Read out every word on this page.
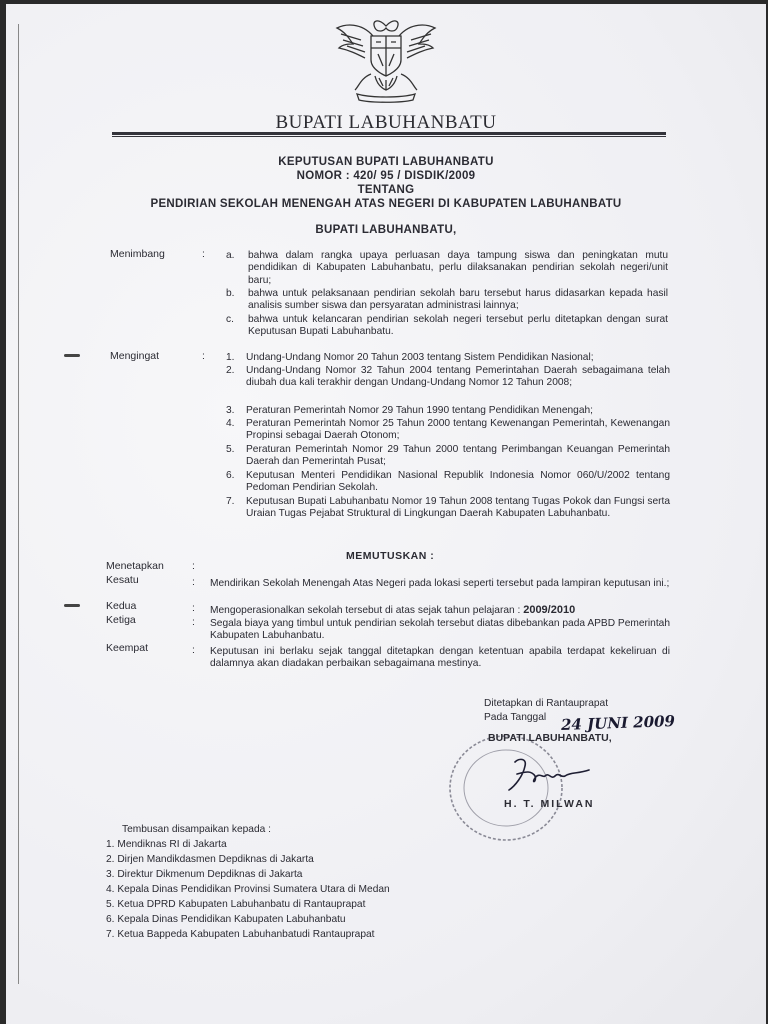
BUPATI LABUHANBATU
KEPUTUSAN BUPATI LABUHANBATU
NOMOR : 420/ 95 / DISDIK/2009
TENTANG
PENDIRIAN SEKOLAH MENENGAH ATAS NEGERI DI KABUPATEN LABUHANBATU
BUPATI LABUHANBATU,
Menimbang	: a. bahwa dalam rangka upaya perluasan daya tampung siswa dan peningkatan mutu pendidikan di Kabupaten Labuhanbatu, perlu dilaksanakan pendirian sekolah negeri/unit baru;
b. bahwa untuk pelaksanaan pendirian sekolah baru tersebut harus didasarkan kepada hasil analisis sumber siswa dan persyaratan administrasi lainnya;
c. bahwa untuk kelancaran pendirian sekolah negeri tersebut perlu ditetapkan dengan surat Keputusan Bupati Labuhanbatu.
Mengingat	: 1. Undang-Undang Nomor 20 Tahun 2003 tentang Sistem Pendidikan Nasional;
2. Undang-Undang Nomor 32 Tahun 2004 tentang Pemerintahan Daerah sebagaimana telah diubah dua kali terakhir dengan Undang-Undang Nomor 12 Tahun 2008;
3. Peraturan Pemerintah Nomor 29 Tahun 1990 tentang Pendidikan Menengah;
4. Peraturan Pemerintah Nomor 25 Tahun 2000 tentang Kewenangan Pemerintah, Kewenangan Propinsi sebagai Daerah Otonom;
5. Peraturan Pemerintah Nomor 29 Tahun 2000 tentang Perimbangan Keuangan Pemerintah Daerah dan Pemerintah Pusat;
6. Keputusan Menteri Pendidikan Nasional Republik Indonesia Nomor 060/U/2002 tentang Pedoman Pendirian Sekolah.
7. Keputusan Bupati Labuhanbatu Nomor 19 Tahun 2008 tentang Tugas Pokok dan Fungsi serta Uraian Tugas Pejabat Struktural di Lingkungan Daerah Kabupaten Labuhanbatu.
MEMUTUSKAN :
Menetapkan	:
Kesatu	: Mendirikan Sekolah Menengah Atas Negeri pada lokasi seperti tersebut pada lampiran keputusan ini.;
Kedua	: Mengoperasionalkan sekolah tersebut di atas sejak tahun pelajaran : 2009/2010
Ketiga	: Segala biaya yang timbul untuk pendirian sekolah tersebut diatas dibebankan pada APBD Pemerintah Kabupaten Labuhanbatu.
Keempat	: Keputusan ini berlaku sejak tanggal ditetapkan dengan ketentuan apabila terdapat kekeliruan di dalamnya akan diadakan perbaikan sebagaimana mestinya.
Ditetapkan di Rantauprapat
Pada Tanggal
BUPATI LABUHANBATU,
H. T. MILWAN
24 JUNI 2009
Tembusan disampaikan kepada :
1. Mendiknas RI di Jakarta
2. Dirjen Mandikdasmen Depdiknas di Jakarta
3. Direktur Dikmenum Depdiknas di Jakarta
4. Kepala Dinas Pendidikan Provinsi Sumatera Utara di Medan
5. Ketua DPRD Kabupaten Labuhanbatu di Rantauprapat
6. Kepala Dinas Pendidikan Kabupaten Labuhanbatu
7. Ketua Bappeda Kabupaten Labuhanbatudi Rantauprapat
